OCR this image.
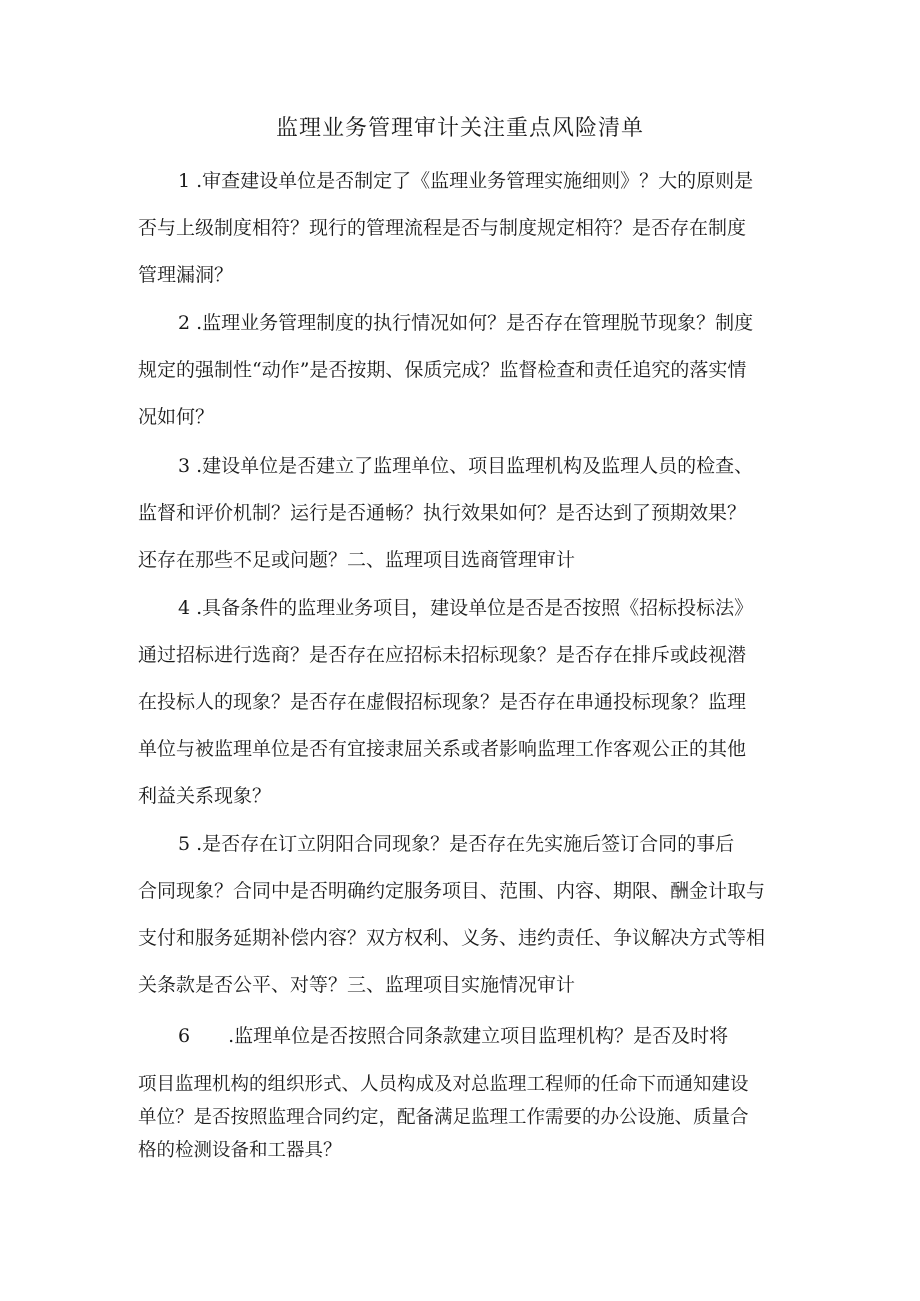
监理业务管理审计关注重点风险清单

1 .审查建设单位是否制定了《监理业务管理实施细则》？大的原则是

否与上级制度相符？现行的管理流程是否与制度规定相符？是否存在制度

管理漏洞？

2 .监理业务管理制度的执行情况如何？是否存在管理脱节现象？制度

规定的强制性“动作”是否按期、保质完成？监督检查和责任追究的落实情

况如何？

3 .建设单位是否建立了监理单位、项目监理机构及监理人员的检查、

监督和评价机制？运行是否通畅？执行效果如何？是否达到了预期效果？

还存在那些不足或问题？二、监理项目选商管理审计

4 .具备条件的监理业务项目，建设单位是否是否按照《招标投标法》

通过招标进行选商？是否存在应招标未招标现象？是否存在排斥或歧视潜

在投标人的现象？是否存在虚假招标现象？是否存在串通投标现象？监理

单位与被监理单位是否有宜接隶屈关系或者影响监理工作客观公正的其他

利益关系现象？

5 .是否存在订立阴阳合同现象？是否存在先实施后签订合同的事后

合同现象？合同中是否明确约定服务项目、范围、内容、期限、酬金计取与

支付和服务延期补偿内容？双方权利、义务、违约责任、争议解决方式等相

关条款是否公平、对等？三、监理项目实施情况审计

6　　.监理单位是否按照合同条款建立项目监理机构？是否及时将

项目监理机构的组织形式、人员构成及对总监理工程师的任命下而通知建设

单位？是否按照监理合同约定，配备满足监理工作需要的办公设施、质量合

格的检测设备和工器具？
